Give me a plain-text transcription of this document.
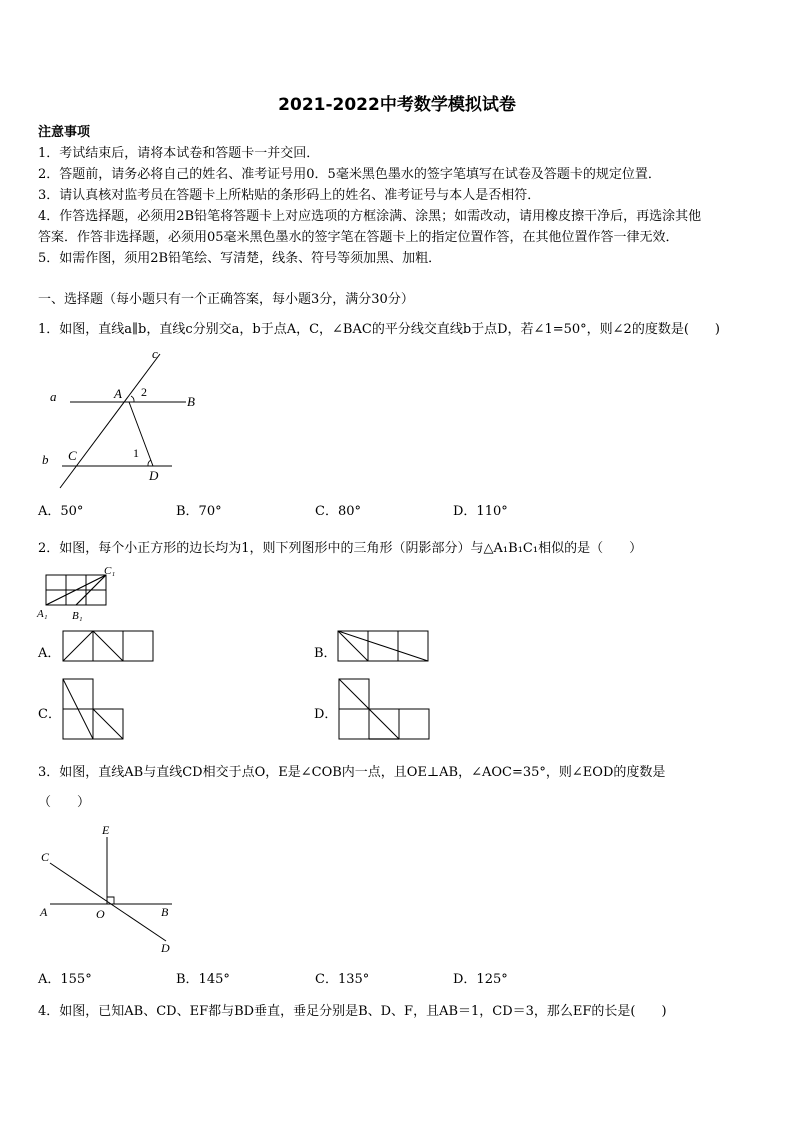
2021-2022中考数学模拟试卷
注意事项
1．考试结束后，请将本试卷和答题卡一并交回．
2．答题前，请务必将自己的姓名、准考证号用0．5毫米黑色墨水的签字笔填写在试卷及答题卡的规定位置．
3．请认真核对监考员在答题卡上所粘贴的条形码上的姓名、准考证号与本人是否相符．
4．作答选择题，必须用2B铅笔将答题卡上对应选项的方框涂满、涂黑；如需改动，请用橡皮擦干净后，再选涂其他
答案．作答非选择题，必须用05毫米黑色墨水的签字笔在答题卡上的指定位置作答，在其他位置作答一律无效．
5．如需作图，须用2B铅笔绘、写清楚，线条、符号等须加黑、加粗．
一、选择题（每小题只有一个正确答案，每小题3分，满分30分）
1．如图，直线a∥b，直线c分别交a，b于点A，C，∠BAC的平分线交直线b于点D，若∠1=50°，则∠2的度数是(　　)
c
a	A 2
B
b C	1
D
A．50°	B．70°	C．80°	D．110°
2．如图，每个小正方形的边长均为1，则下列图形中的三角形（阴影部分）与△A₁B₁C₁相似的是（　　）
C₁
A₁ B₁
A．	B．
C．	D．
3．如图，直线AB与直线CD相交于点O，E是∠COB内一点，且OE⊥AB，∠AOC=35°，则∠EOD的度数是
（　　）
E
C
A	O	B
D
A．155°	B．145°	C．135°	D．125°
4．如图，已知AB、CD、EF都与BD垂直，垂足分别是B、D、F，且AB＝1，CD＝3，那么EF的长是(　　)
